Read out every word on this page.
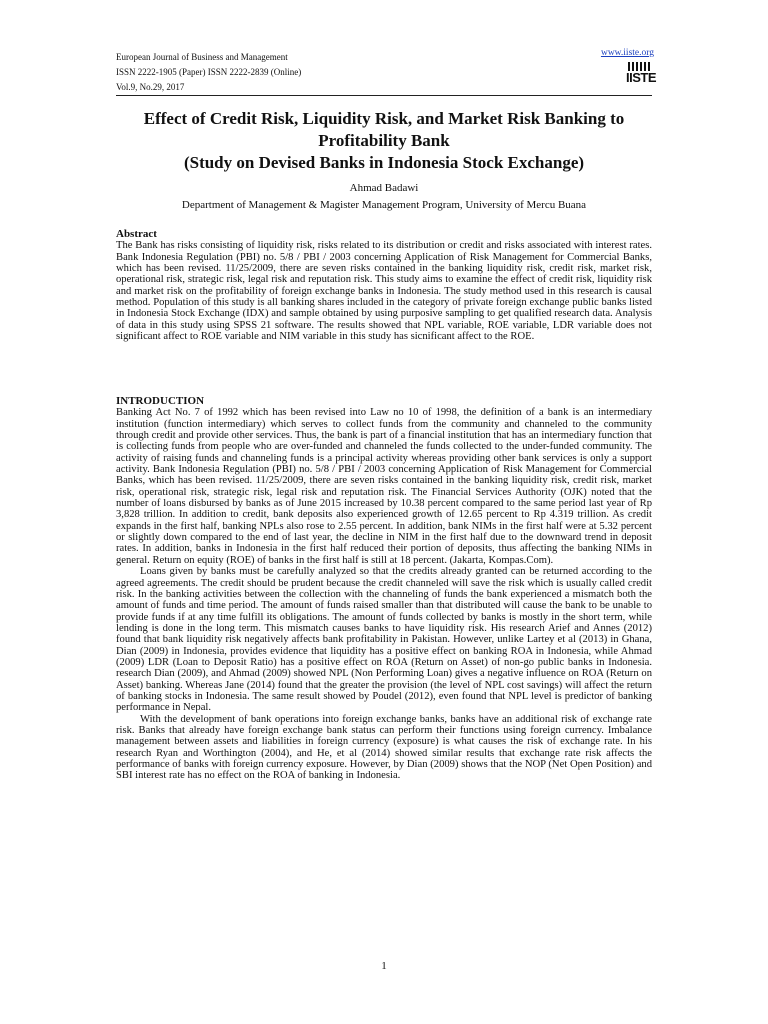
European Journal of Business and Management
ISSN 2222-1905 (Paper) ISSN 2222-2839 (Online)
Vol.9, No.29, 2017
www.iiste.org
IISTE
Effect of Credit Risk, Liquidity Risk, and Market Risk Banking to
Profitability Bank
(Study on Devised Banks in Indonesia Stock Exchange)
Ahmad Badawi
Department of Management & Magister Management Program, University of Mercu Buana
Abstract

The Bank has risks consisting of liquidity risk, risks related to its distribution or credit and risks associated with interest rates. Bank Indonesia Regulation (PBI) no. 5/8 / PBI / 2003 concerning Application of Risk Management for Commercial Banks, which has been revised. 11/25/2009, there are seven risks contained in the banking liquidity risk, credit risk, market risk, operational risk, strategic risk, legal risk and reputation risk. This study aims to examine the effect of credit risk, liquidity risk and market risk on the profitability of foreign exchange banks in Indonesia. The study method used in this research is causal method. Population of this study is all banking shares included in the category of private foreign exchange public banks listed in Indonesia Stock Exchange (IDX) and sample obtained by using purposive sampling to get qualified research data. Analysis of data in this study using SPSS 21 software. The results showed that NPL variable, ROE variable, LDR variable does not significant affect to ROE variable and NIM variable in this study has sicnificant affect to the ROE.

INTRODUCTION

Banking Act No. 7 of 1992 which has been revised into Law no 10 of 1998, the definition of a bank is an intermediary institution (function intermediary) which serves to collect funds from the community and channeled to the community through credit and provide other services. Thus, the bank is part of a financial institution that has an intermediary function that is collecting funds from people who are over-funded and channeled the funds collected to the under-funded community. The activity of raising funds and channeling funds is a principal activity whereas providing other bank services is only a support activity. Bank Indonesia Regulation (PBI) no. 5/8 / PBI / 2003 concerning Application of Risk Management for Commercial Banks, which has been revised. 11/25/2009, there are seven risks contained in the banking liquidity risk, credit risk, market risk, operational risk, strategic risk, legal risk and reputation risk. The Financial Services Authority (OJK) noted that the number of loans disbursed by banks as of June 2015 increased by 10.38 percent compared to the same period last year of Rp 3,828 trillion. In addition to credit, bank deposits also experienced growth of 12.65 percent to Rp 4.319 trillion. As credit expands in the first half, banking NPLs also rose to 2.55 percent. In addition, bank NIMs in the first half were at 5.32 percent or slightly down compared to the end of last year, the decline in NIM in the first half due to the downward trend in deposit rates. In addition, banks in Indonesia in the first half reduced their portion of deposits, thus affecting the banking NIMs in general. Return on equity (ROE) of banks in the first half is still at 18 percent. (Jakarta, Kompas.Com).

Loans given by banks must be carefully analyzed so that the credits already granted can be returned according to the agreed agreements. The credit should be prudent because the credit channeled will save the risk which is usually called credit risk. In the banking activities between the collection with the channeling of funds the bank experienced a mismatch both the amount of funds and time period. The amount of funds raised smaller than that distributed will cause the bank to be unable to provide funds if at any time fulfill its obligations. The amount of funds collected by banks is mostly in the short term, while lending is done in the long term. This mismatch causes banks to have liquidity risk. His research Arief and Annes (2012) found that bank liquidity risk negatively affects bank profitability in Pakistan. However, unlike Lartey et al (2013) in Ghana, Dian (2009) in Indonesia, provides evidence that liquidity has a positive effect on banking ROA in Indonesia, while Ahmad (2009) LDR (Loan to Deposit Ratio) has a positive effect on ROA (Return on Asset) of non-go public banks in Indonesia. research Dian (2009), and Ahmad (2009) showed NPL (Non Performing Loan) gives a negative influence on ROA (Return on Asset) banking. Whereas Jane (2014) found that the greater the provision (the level of NPL cost savings) will affect the return of banking stocks in Indonesia. The same result showed by Poudel (2012), even found that NPL level is predictor of banking performance in Nepal.

With the development of bank operations into foreign exchange banks, banks have an additional risk of exchange rate risk. Banks that already have foreign exchange bank status can perform their functions using foreign currency. Imbalance management between assets and liabilities in foreign currency (exposure) is what causes the risk of exchange rate. In his research Ryan and Worthington (2004), and He, et al (2014) showed similar results that exchange rate risk affects the performance of banks with foreign currency exposure. However, by Dian (2009) shows that the NOP (Net Open Position) and SBI interest rate has no effect on the ROA of banking in Indonesia.

1
